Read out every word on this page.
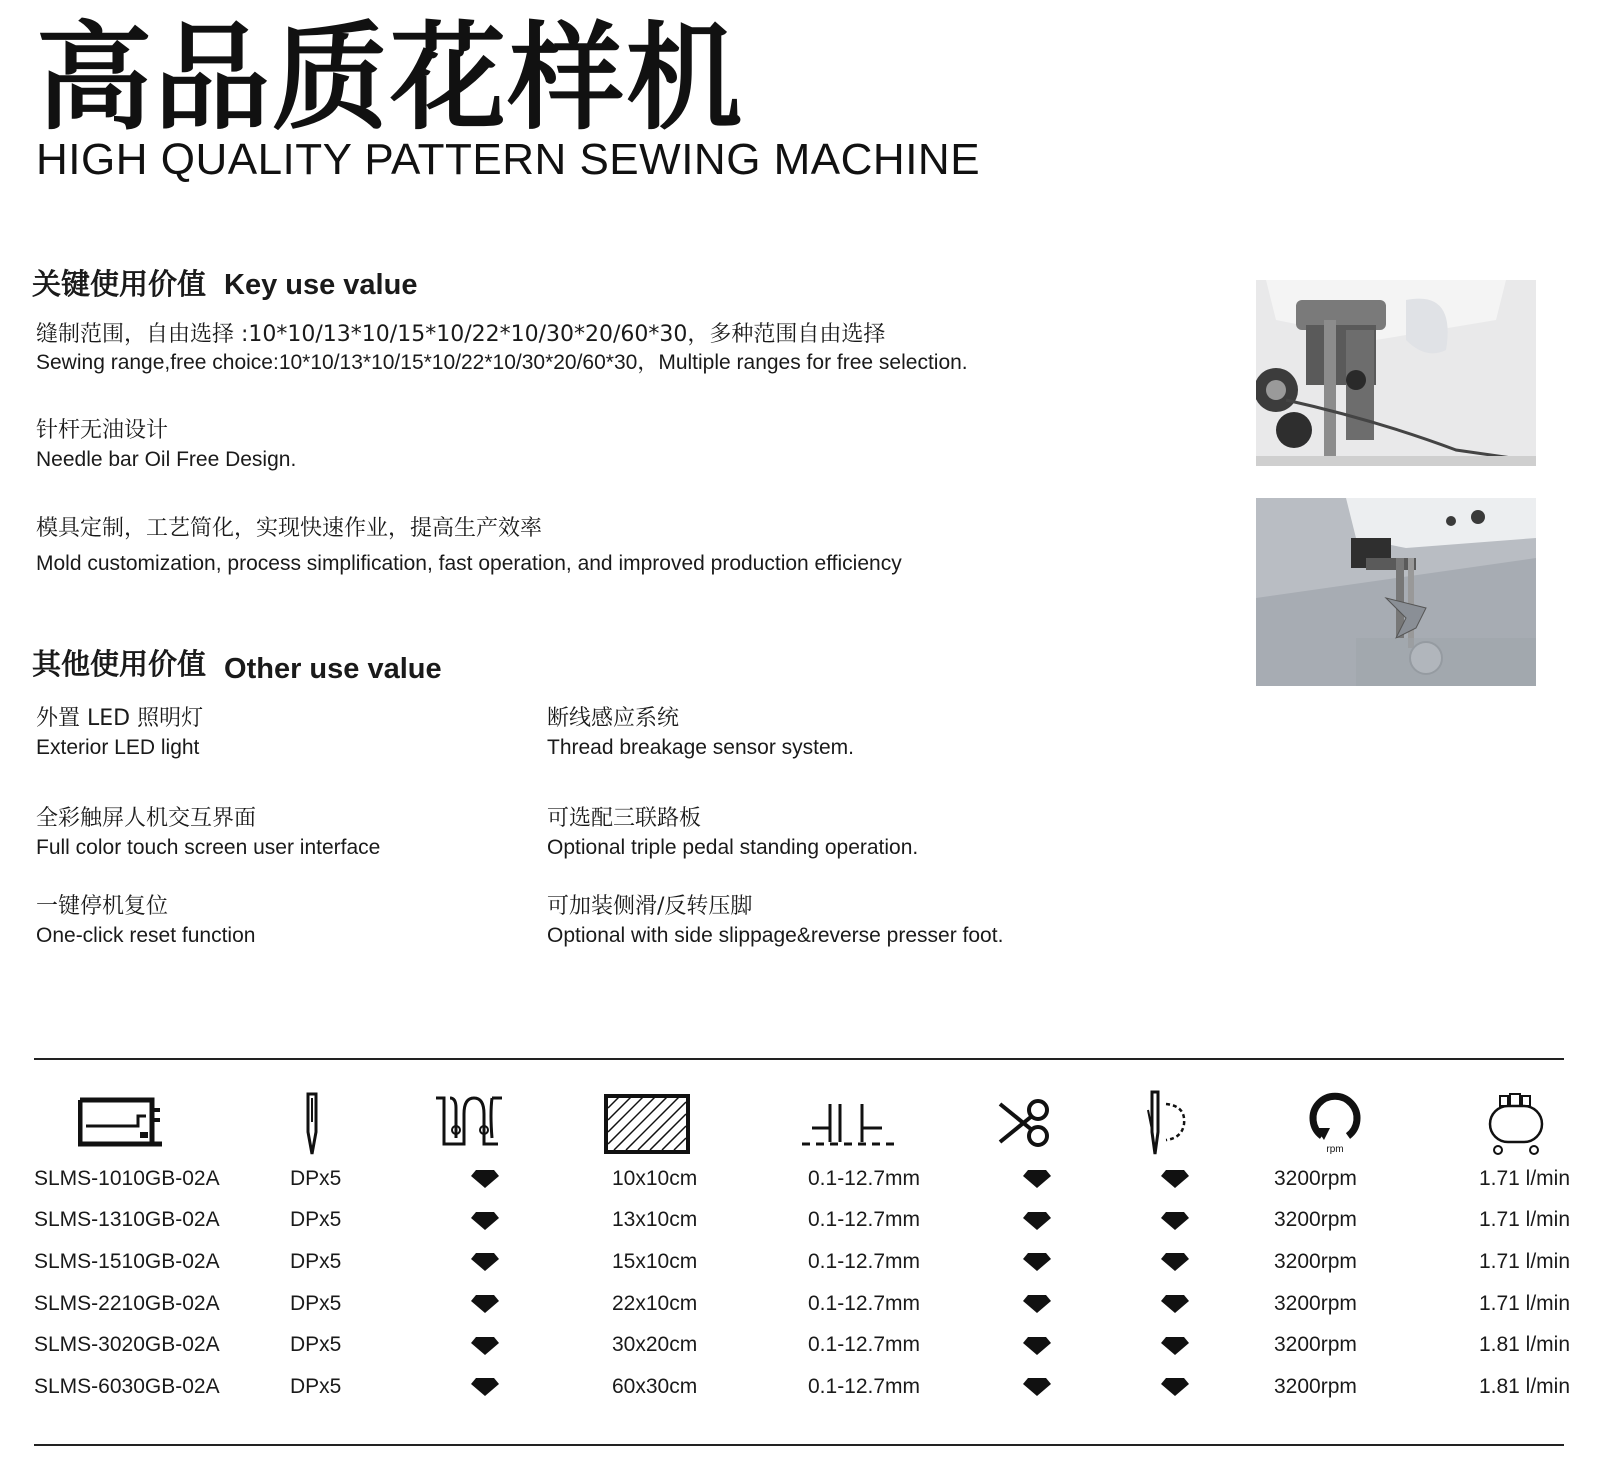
高品质花样机
HIGH QUALITY PATTERN SEWING MACHINE
关键使用价值 Key use value
缝制范围，自由选择 :10*10/13*10/15*10/22*10/30*20/60*30，多种范围自由选择
Sewing range,free choice:10*10/13*10/15*10/22*10/30*20/60*30，Multiple ranges for free selection.
针杆无油设计
Needle bar Oil Free Design.
模具定制，工艺简化，实现快速作业，提高生产效率
Mold customization, process simplification, fast operation, and improved production efficiency
其他使用价值 Other use value
外置 LED 照明灯
Exterior LED light
全彩触屏人机交互界面
Full color touch screen user interface
一键停机复位
One-click reset function
断线感应系统
Thread breakage sensor system.
可选配三联路板
Optional triple pedal standing operation.
可加装侧滑/反转压脚
Optional with side slippage&reverse presser foot.
rpm
SLMS-1010GB-02A	DPx5		10x10cm	0.1-12.7mm			3200rpm	1.71 l/min
SLMS-1310GB-02A	DPx5		13x10cm	0.1-12.7mm			3200rpm	1.71 l/min
SLMS-1510GB-02A	DPx5		15x10cm	0.1-12.7mm			3200rpm	1.71 l/min
SLMS-2210GB-02A	DPx5		22x10cm	0.1-12.7mm			3200rpm	1.71 l/min
SLMS-3020GB-02A	DPx5		30x20cm	0.1-12.7mm			3200rpm	1.81 l/min
SLMS-6030GB-02A	DPx5		60x30cm	0.1-12.7mm			3200rpm	1.81 l/min
